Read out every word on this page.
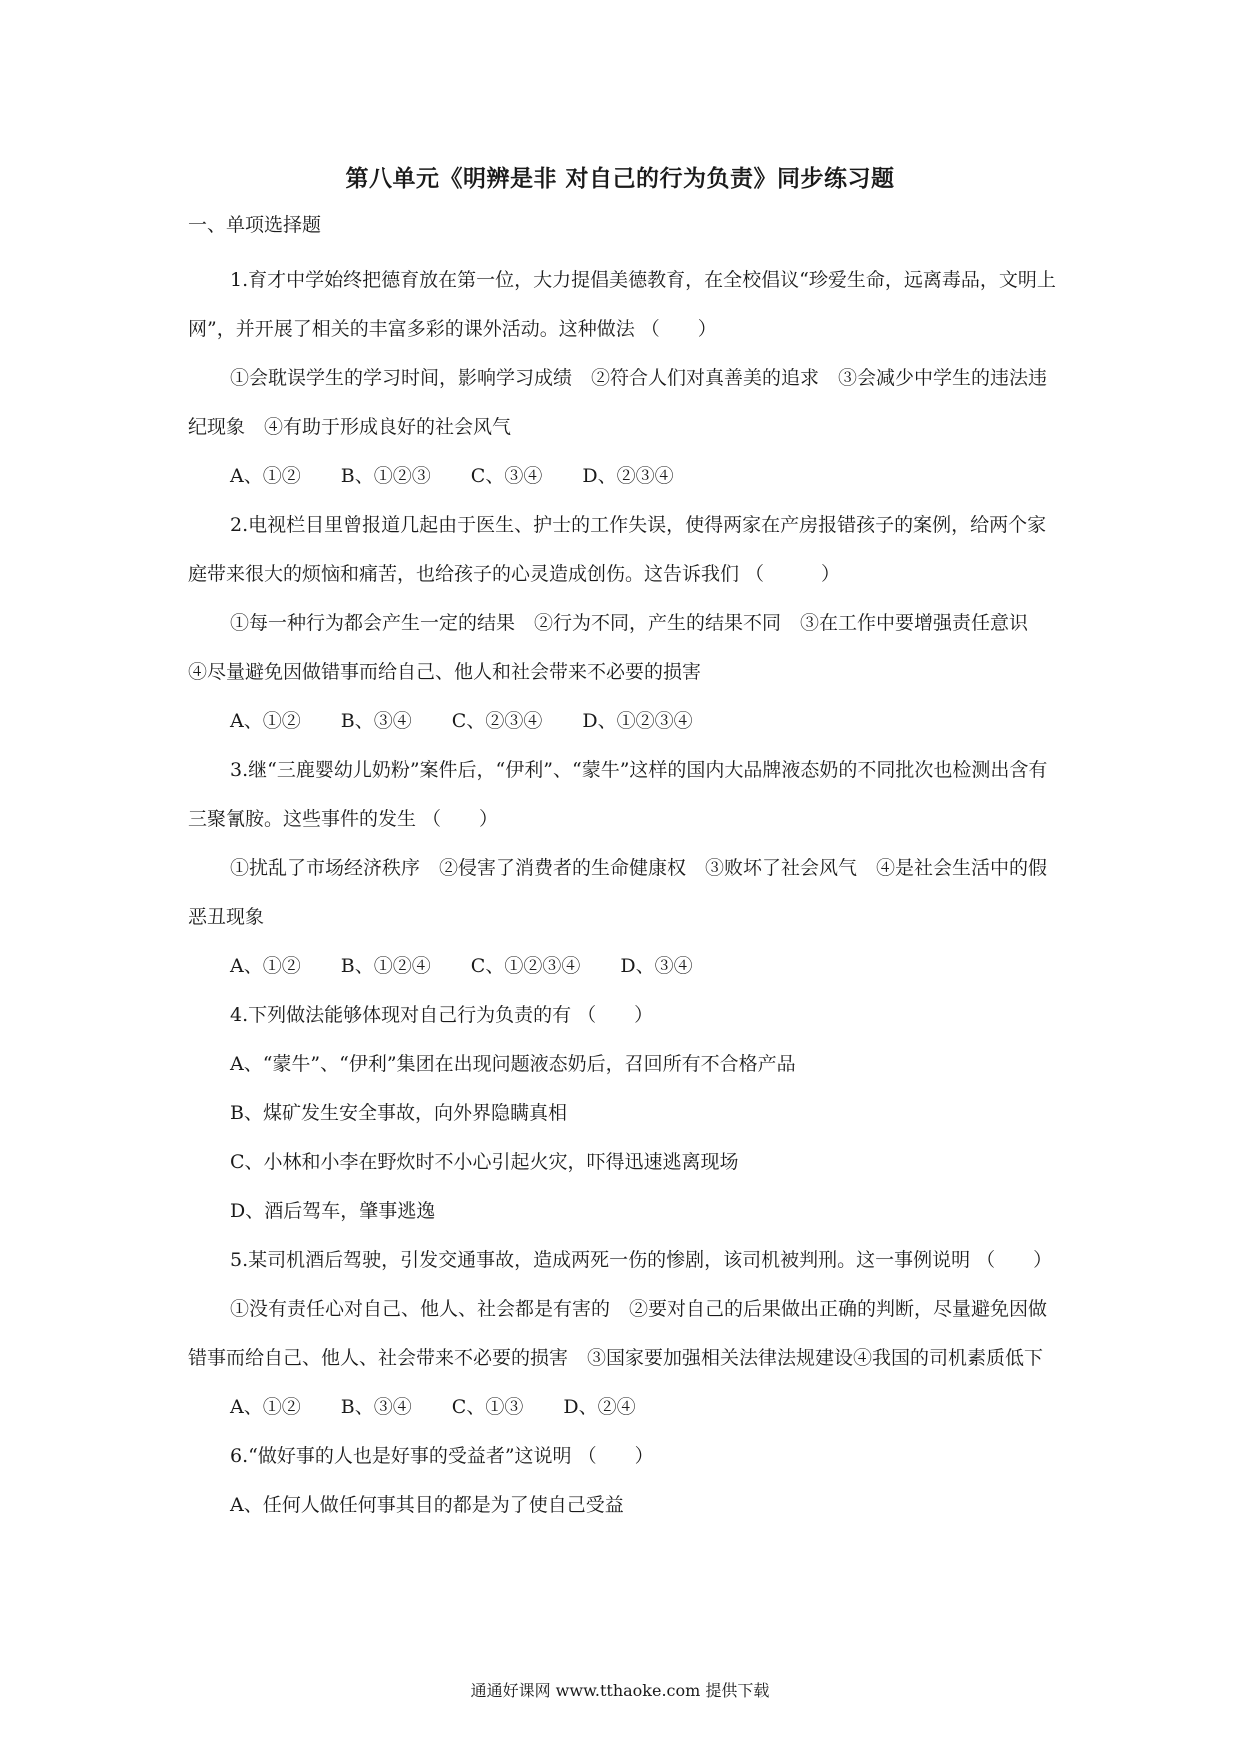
第八单元《明辨是非 对自己的行为负责》同步练习题
一、单项选择题

1.育才中学始终把德育放在第一位，大力提倡美德教育，在全校倡议“珍爱生命，远离毒品，文明上网”，并开展了相关的丰富多彩的课外活动。这种做法 （　　）

①会耽误学生的学习时间，影响学习成绩　②符合人们对真善美的追求　③会减少中学生的违法违纪现象　④有助于形成良好的社会风气

A、①② B、①②③ C、③④ D、②③④

2.电视栏目里曾报道几起由于医生、护士的工作失误，使得两家在产房报错孩子的案例，给两个家庭带来很大的烦恼和痛苦，也给孩子的心灵造成创伤。这告诉我们 （　　　）

①每一种行为都会产生一定的结果　②行为不同，产生的结果不同　③在工作中要增强责任意识　④尽量避免因做错事而给自己、他人和社会带来不必要的损害

A、①② B、③④ C、②③④ D、①②③④

3.继“三鹿婴幼儿奶粉”案件后，“伊利”、“蒙牛”这样的国内大品牌液态奶的不同批次也检测出含有三聚氰胺。这些事件的发生 （　　）

①扰乱了市场经济秩序　②侵害了消费者的生命健康权　③败坏了社会风气　④是社会生活中的假恶丑现象

A、①② B、①②④ C、①②③④ D、③④

4.下列做法能够体现对自己行为负责的有 （　　）

A、“蒙牛”、“伊利”集团在出现问题液态奶后，召回所有不合格产品

B、煤矿发生安全事故，向外界隐瞒真相

C、小林和小李在野炊时不小心引起火灾，吓得迅速逃离现场

D、酒后驾车，肇事逃逸

5.某司机酒后驾驶，引发交通事故，造成两死一伤的惨剧，该司机被判刑。这一事例说明 （　　）

①没有责任心对自己、他人、社会都是有害的　②要对自己的后果做出正确的判断，尽量避免因做错事而给自己、他人、社会带来不必要的损害　③国家要加强相关法律法规建设④我国的司机素质低下

A、①② B、③④ C、①③ D、②④

6.“做好事的人也是好事的受益者”这说明 （　　）

A、任何人做任何事其目的都是为了使自己受益

通通好课网 www.tthaoke.com 提供下载
